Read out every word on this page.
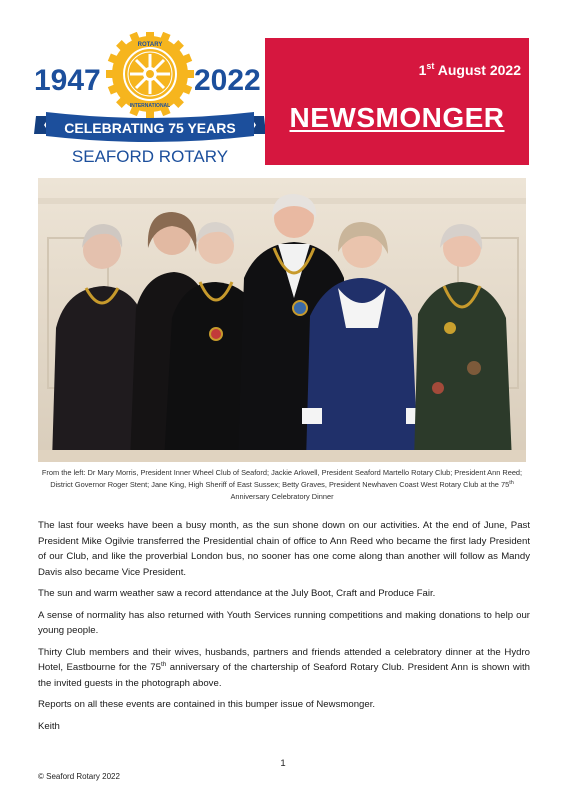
1947	2022
ROTARY
INTERNATIONAL
CELEBRATING 75 YEARS
SEAFORD ROTARY
1st August 2022
NEWSMONGER
From the left: Dr Mary Morris, President Inner Wheel Club of Seaford; Jackie Arkwell, President Seaford Martello Rotary Club; President Ann Reed; District Governor Roger Stent; Jane King, High Sheriff of East Sussex; Betty Graves, President Newhaven Coast West Rotary Club at the 75th Anniversary Celebratory Dinner

The last four weeks have been a busy month, as the sun shone down on our activities. At the end of June, Past President Mike Ogilvie transferred the Presidential chain of office to Ann Reed who became the first lady President of our Club, and like the proverbial London bus, no sooner has one come along than another will follow as Mandy Davis also became Vice President.

The sun and warm weather saw a record attendance at the July Boot, Craft and Produce Fair.

A sense of normality has also returned with Youth Services running competitions and making donations to help our young people.

Thirty Club members and their wives, husbands, partners and friends attended a celebratory dinner at the Hydro Hotel, Eastbourne for the 75th anniversary of the chartership of Seaford Rotary Club. President Ann is shown with the invited guests in the photograph above.

Reports on all these events are contained in this bumper issue of Newsmonger.

Keith

1
© Seaford Rotary 2022
